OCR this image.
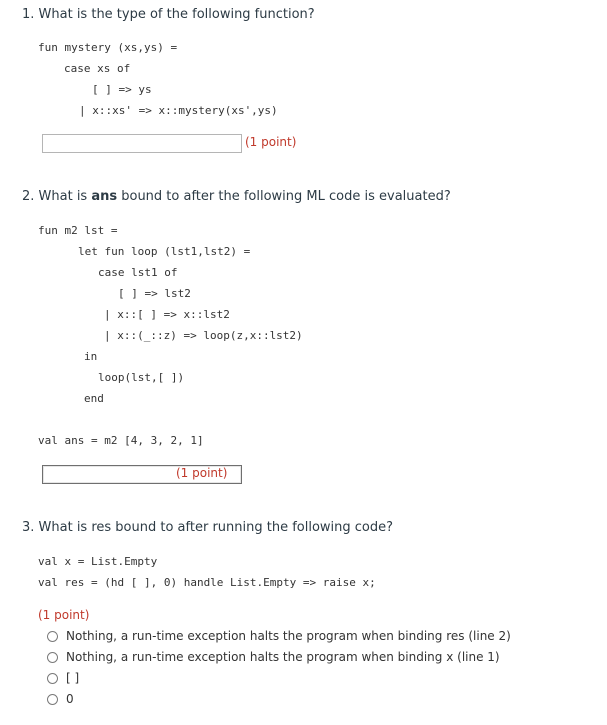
1. What is the type of the following function?
fun mystery (xs,ys) =
case xs of
[ ] => ys
| x::xs' => x::mystery(xs',ys)
(1 point)
2. What is ans bound to after the following ML code is evaluated?
fun m2 lst =
let fun loop (lst1,lst2) =
case lst1 of
[ ] => lst2
| x::[ ] => x::lst2
| x::(_::z) => loop(z,x::lst2)
in
loop(lst,[ ])
end
val ans = m2 [4, 3, 2, 1]
(1 point)
3. What is res bound to after running the following code?
val x = List.Empty
val res = (hd [ ], 0) handle List.Empty => raise x;
(1 point)
Nothing, a run-time exception halts the program when binding res (line 2)
Nothing, a run-time exception halts the program when binding x (line 1)
[ ]
0
